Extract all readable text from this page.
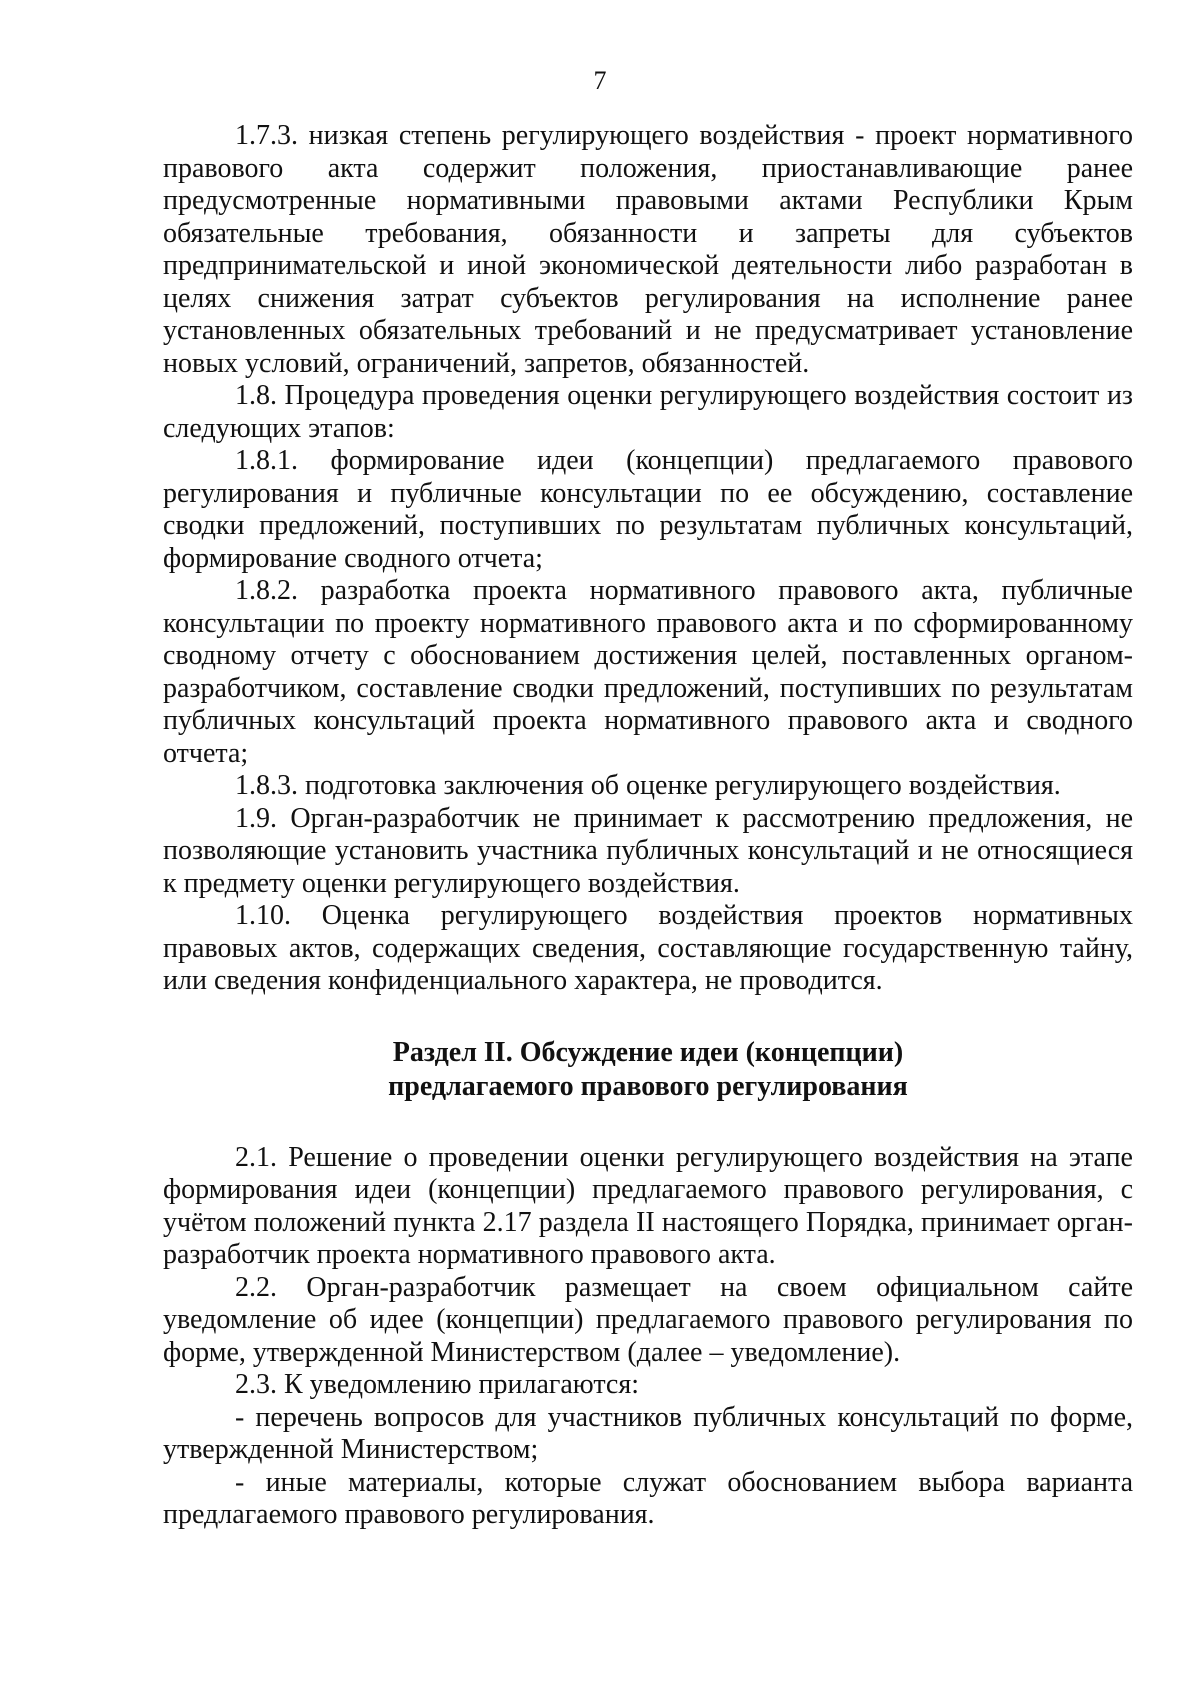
7

1.7.3. низкая степень регулирующего воздействия - проект нормативного правового акта содержит положения, приостанавливающие ранее предусмотренные нормативными правовыми актами Республики Крым обязательные требования, обязанности и запреты для субъектов предпринимательской и иной экономической деятельности либо разработан в целях снижения затрат субъектов регулирования на исполнение ранее установленных обязательных требований и не предусматривает установление новых условий, ограничений, запретов, обязанностей.

1.8. Процедура проведения оценки регулирующего воздействия состоит из следующих этапов:

1.8.1. формирование идеи (концепции) предлагаемого правового регулирования и публичные консультации по ее обсуждению, составление сводки предложений, поступивших по результатам публичных консультаций, формирование сводного отчета;

1.8.2. разработка проекта нормативного правового акта, публичные консультации по проекту нормативного правового акта и по сформированному сводному отчету с обоснованием достижения целей, поставленных органом-разработчиком, составление сводки предложений, поступивших по результатам публичных консультаций проекта нормативного правового акта и сводного отчета;

1.8.3. подготовка заключения об оценке регулирующего воздействия.

1.9. Орган-разработчик не принимает к рассмотрению предложения, не позволяющие установить участника публичных консультаций и не относящиеся к предмету оценки регулирующего воздействия.

1.10. Оценка регулирующего воздействия проектов нормативных правовых актов, содержащих сведения, составляющие государственную тайну, или сведения конфиденциального характера, не проводится.

Раздел II. Обсуждение идеи (концепции)
предлагаемого правового регулирования

2.1. Решение о проведении оценки регулирующего воздействия на этапе формирования идеи (концепции) предлагаемого правового регулирования, с учётом положений пункта 2.17 раздела II настоящего Порядка, принимает орган-разработчик проекта нормативного правового акта.

2.2. Орган-разработчик размещает на своем официальном сайте уведомление об идее (концепции) предлагаемого правового регулирования по форме, утвержденной Министерством (далее – уведомление).

2.3. К уведомлению прилагаются:

- перечень вопросов для участников публичных консультаций по форме, утвержденной Министерством;

- иные материалы, которые служат обоснованием выбора варианта предлагаемого правового регулирования.
